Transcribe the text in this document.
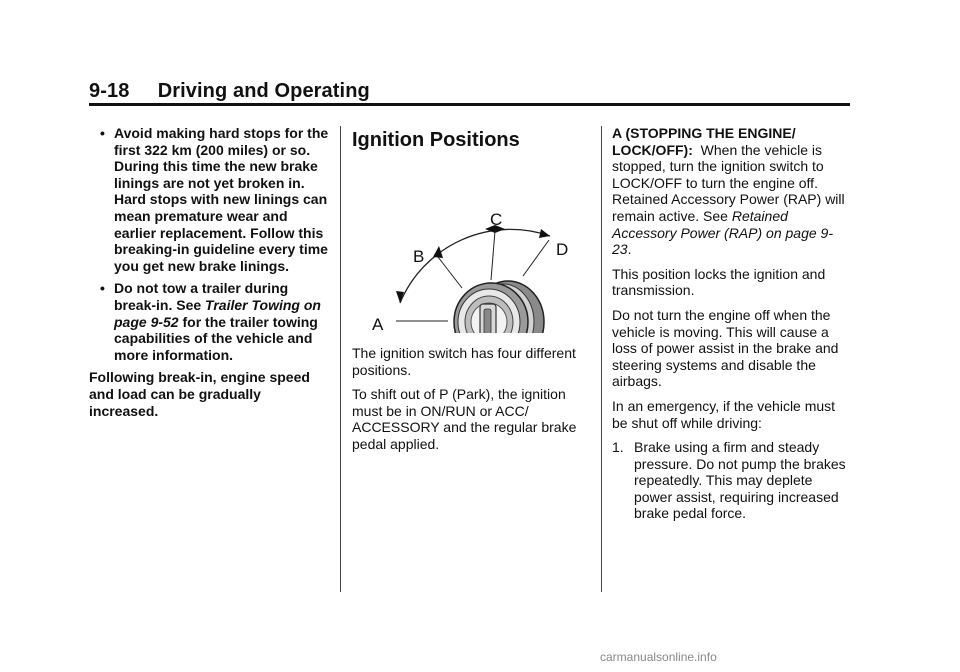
9-18     Driving and Operating
• Avoid making hard stops for the first 322 km (200 miles) or so. During this time the new brake linings are not yet broken in. Hard stops with new linings can mean premature wear and earlier replacement. Follow this breaking-in guideline every time you get new brake linings.
• Do not tow a trailer during break-in. See Trailer Towing on page 9-52 for the trailer towing capabilities of the vehicle and more information.
Following break-in, engine speed and load can be gradually increased.
Ignition Positions
A
B
C
D

The ignition switch has four different positions.

To shift out of P (Park), the ignition must be in ON/RUN or ACC/ ACCESSORY and the regular brake pedal applied.

A (STOPPING THE ENGINE/ LOCK/OFF):  When the vehicle is stopped, turn the ignition switch to LOCK/OFF to turn the engine off. Retained Accessory Power (RAP) will remain active. See Retained Accessory Power (RAP) on page 9-23.

This position locks the ignition and transmission.

Do not turn the engine off when the vehicle is moving. This will cause a loss of power assist in the brake and steering systems and disable the airbags.

In an emergency, if the vehicle must be shut off while driving:

1. Brake using a firm and steady pressure. Do not pump the brakes repeatedly. This may deplete power assist, requiring increased brake pedal force.
carmanualsonline.info
